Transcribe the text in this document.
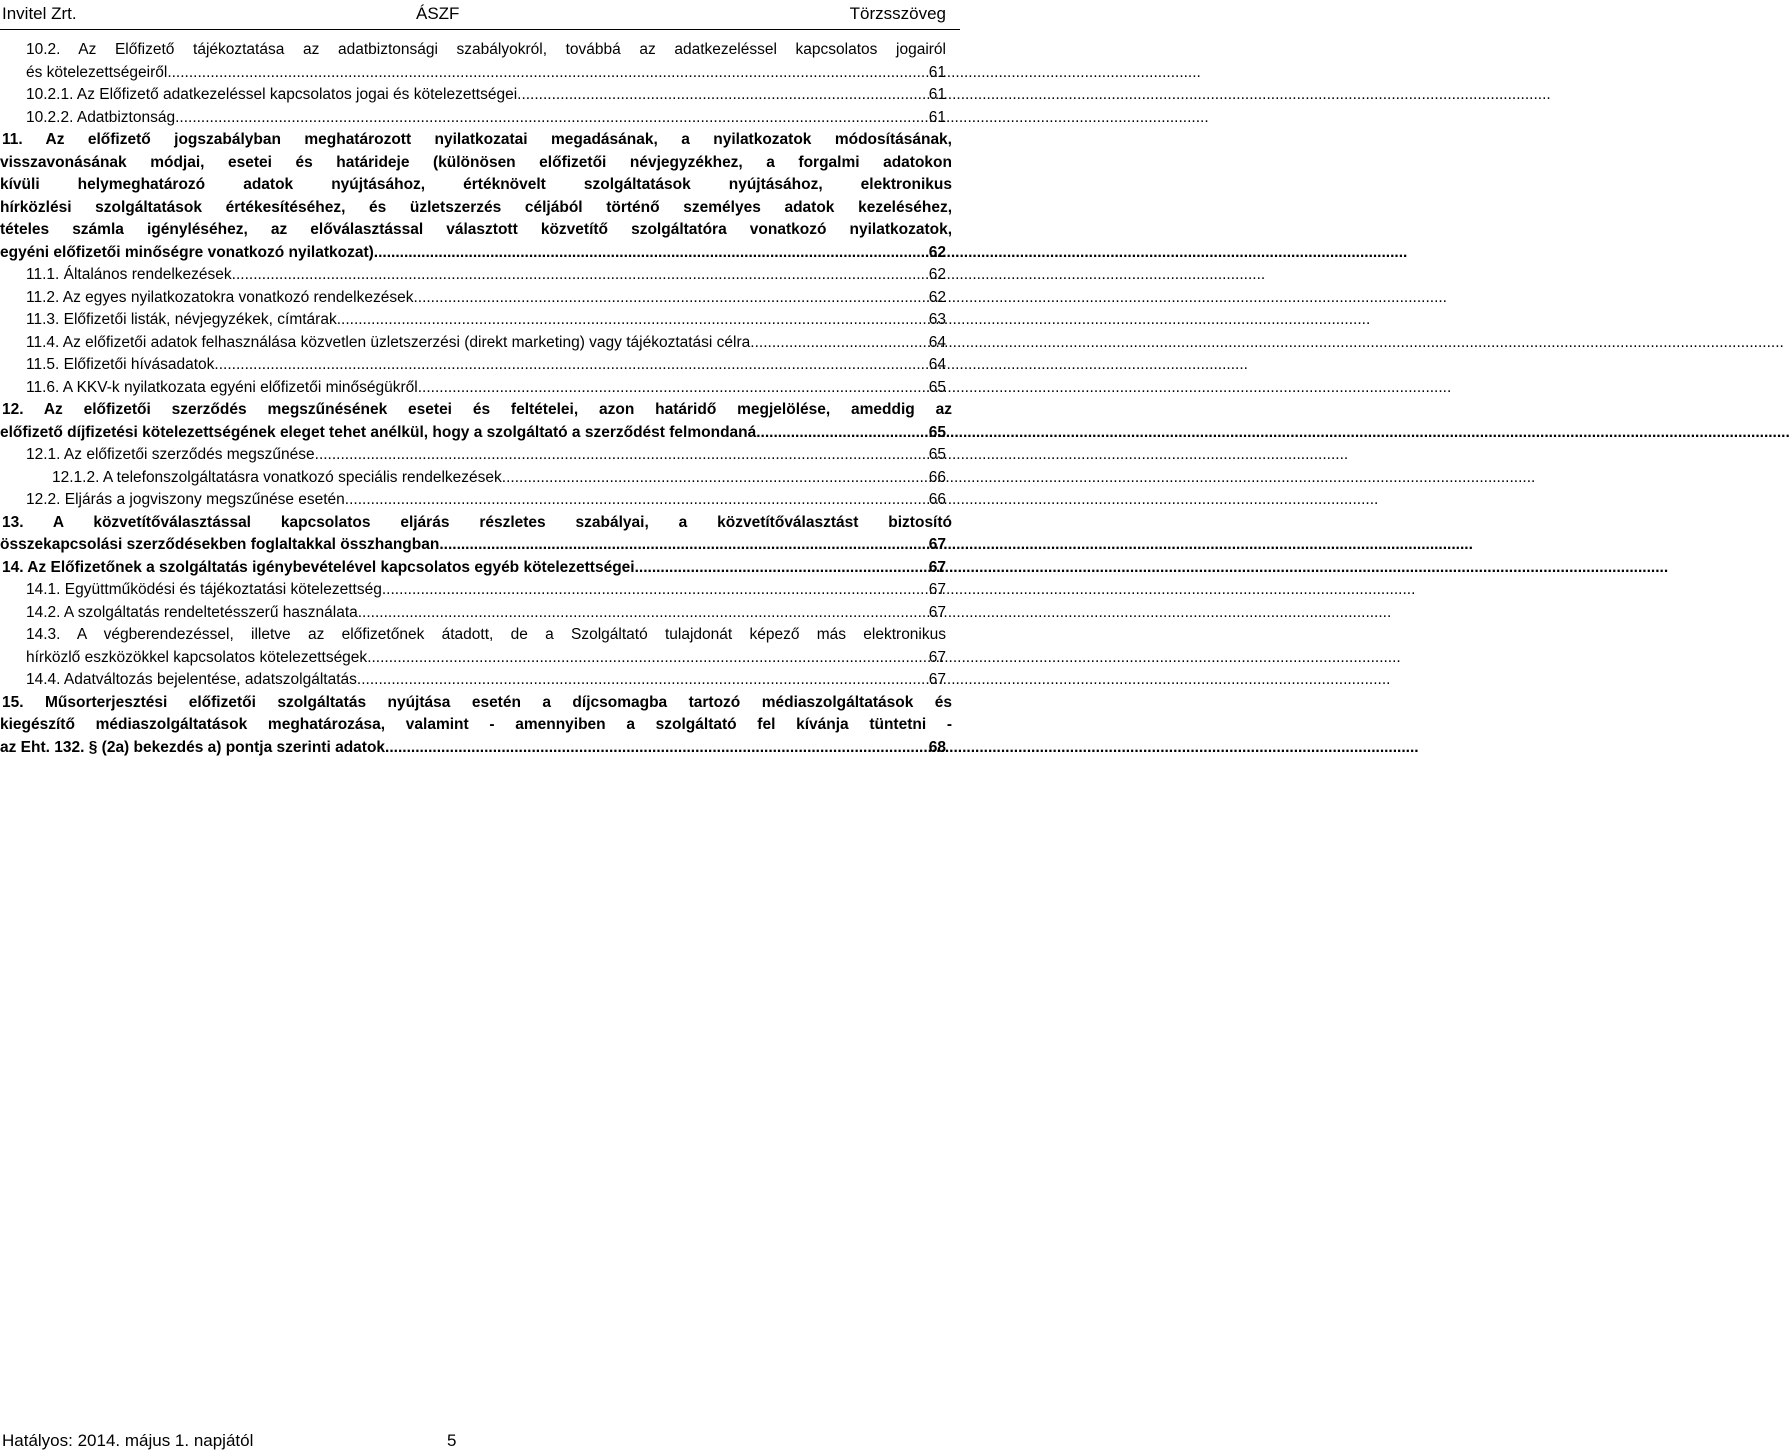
Invitel Zrt.	ÁSZF	Törzsszöveg
10.2. Az Előfizető tájékoztatása az adatbiztonsági szabályokról, továbbá az adatkezeléssel kapcsolatos jogairól
és kötelezettségeiről .....	61
10.2.1. Az Előfizető adatkezeléssel kapcsolatos jogai és kötelezettségei .....	61
10.2.2. Adatbiztonság .....	61
11. Az előfizető jogszabályban meghatározott nyilatkozatai megadásának, a nyilatkozatok módosításának,
visszavonásának módjai, esetei és határideje (különösen előfizetői névjegyzékhez, a forgalmi adatokon
kívüli helymeghatározó adatok nyújtásához, értéknövelt szolgáltatások nyújtásához, elektronikus
hírközlési szolgáltatások értékesítéséhez, és üzletszerzés céljából történő személyes adatok kezeléséhez,
tételes számla igényléséhez, az előválasztással választott közvetítő szolgáltatóra vonatkozó nyilatkozatok,
egyéni előfizetői minőségre vonatkozó nyilatkozat) .....	62
11.1. Általános rendelkezések .....	62
11.2. Az egyes nyilatkozatokra vonatkozó rendelkezések .....	62
11.3. Előfizetői listák, névjegyzékek, címtárak .....	63
11.4. Az előfizetői adatok felhasználása közvetlen üzletszerzési (direkt marketing) vagy tájékoztatási célra .....	64
11.5. Előfizetői hívásadatok .....	64
11.6. A KKV-k nyilatkozata egyéni előfizetői minőségükről .....	65
12. Az előfizetői szerződés megszűnésének esetei és feltételei, azon határidő megjelölése, ameddig az
előfizető díjfizetési kötelezettségének eleget tehet anélkül, hogy a szolgáltató a szerződést felmondaná .....	65
12.1. Az előfizetői szerződés megszűnése .....	65
12.1.2. A telefonszolgáltatásra vonatkozó speciális rendelkezések .....	66
12.2. Eljárás a jogviszony megszűnése esetén .....	66
13. A közvetítőválasztással kapcsolatos eljárás részletes szabályai, a közvetítőválasztást biztosító
összekapcsolási szerződésekben foglaltakkal összhangban .....	67
14. Az Előfizetőnek a szolgáltatás igénybevételével kapcsolatos egyéb kötelezettségei .....	67
14.1. Együttműködési és tájékoztatási kötelezettség .....	67
14.2. A szolgáltatás rendeltetésszerű használata .....	67
14.3. A végberendezéssel, illetve az előfizetőnek átadott, de a Szolgáltató tulajdonát képező más elektronikus
hírközlő eszközökkel kapcsolatos kötelezettségek .....	67
14.4. Adatváltozás bejelentése, adatszolgáltatás .....	67
15. Műsorterjesztési előfizetői szolgáltatás nyújtása esetén a díjcsomagba tartozó médiaszolgáltatások és
kiegészítő médiaszolgáltatások meghatározása, valamint - amennyiben a szolgáltató fel kívánja tüntetni -
az Eht. 132. § (2a) bekezdés a) pontja szerinti adatok .....	68
Hatályos: 2014. május 1. napjától	5
